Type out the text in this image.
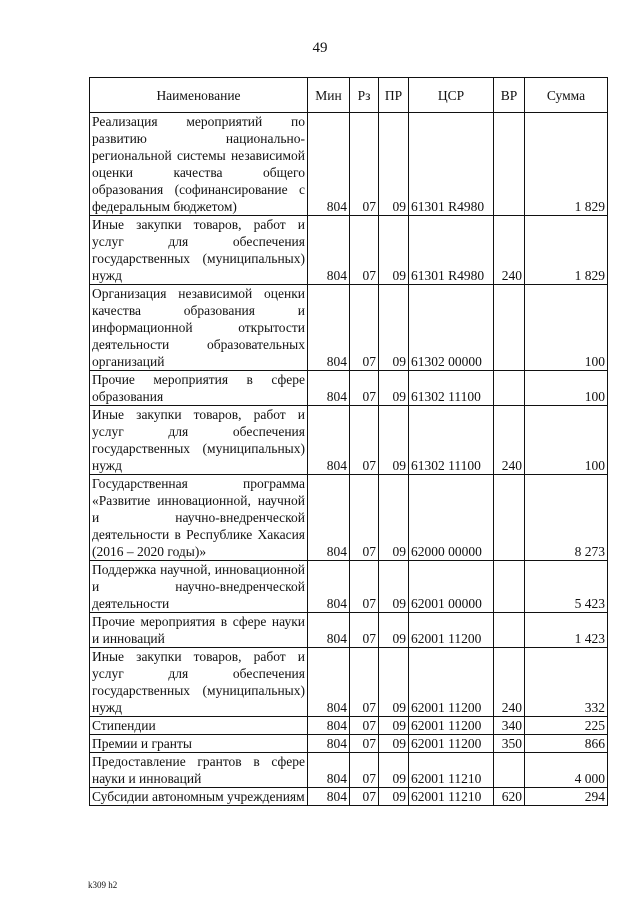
49
Наименование	Мин	Рз	ПР	ЦСР	ВР	Сумма
Реализация мероприятий по развитию национально-региональной системы независимой оценки качества общего образования (софинансирование с федеральным бюджетом)	804	07	09	61301 R4980		1 829
Иные закупки товаров, работ и услуг для обеспечения государственных (муниципальных) нужд	804	07	09	61301 R4980	240	1 829
Организация независимой оценки качества образования и информационной открытости деятельности образовательных организаций	804	07	09	61302 00000		100
Прочие мероприятия в сфере образования	804	07	09	61302 11100		100
Иные закупки товаров, работ и услуг для обеспечения государственных (муниципальных) нужд	804	07	09	61302 11100	240	100
Государственная программа «Развитие инновационной, научной и научно-внедренческой деятельности в Республике Хакасия (2016 – 2020 годы)»	804	07	09	62000 00000		8 273
Поддержка научной, инновационной и научно-внедренческой деятельности	804	07	09	62001 00000		5 423
Прочие мероприятия в сфере науки и инноваций	804	07	09	62001 11200		1 423
Иные закупки товаров, работ и услуг для обеспечения государственных (муниципальных) нужд	804	07	09	62001 11200	240	332
Стипендии	804	07	09	62001 11200	340	225
Премии и гранты	804	07	09	62001 11200	350	866
Предоставление грантов в сфере науки и инноваций	804	07	09	62001 11210		4 000
Субсидии автономным учреждениям	804	07	09	62001 11210	620	294
k309 h2
